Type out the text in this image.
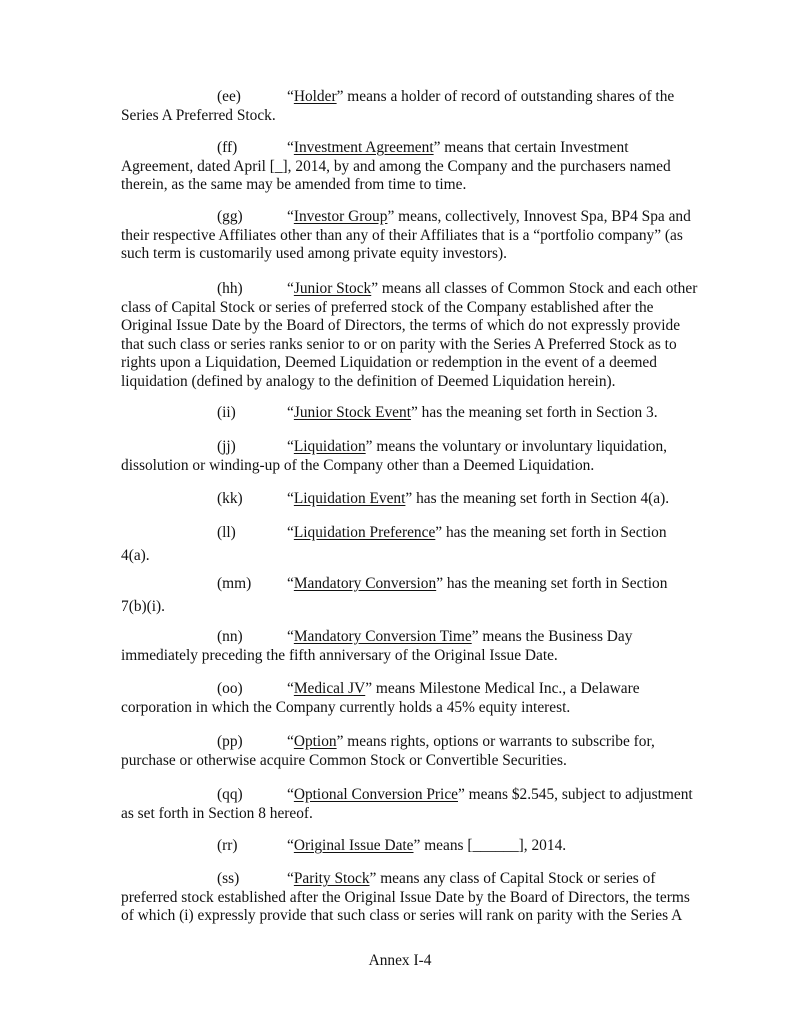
(ee)	“Holder” means a holder of record of outstanding shares of the
Series A Preferred Stock.
(ff)	“Investment Agreement” means that certain Investment
Agreement, dated April [_], 2014, by and among the Company and the purchasers named
therein, as the same may be amended from time to time.
(gg)	“Investor Group” means, collectively, Innovest Spa, BP4 Spa and
their respective Affiliates other than any of their Affiliates that is a “portfolio company” (as
such term is customarily used among private equity investors).
(hh)	“Junior Stock” means all classes of Common Stock and each other
class of Capital Stock or series of preferred stock of the Company established after the
Original Issue Date by the Board of Directors, the terms of which do not expressly provide
that such class or series ranks senior to or on parity with the Series A Preferred Stock as to
rights upon a Liquidation, Deemed Liquidation or redemption in the event of a deemed
liquidation (defined by analogy to the definition of Deemed Liquidation herein).
(ii)	“Junior Stock Event” has the meaning set forth in Section 3.
(jj)	“Liquidation” means the voluntary or involuntary liquidation,
dissolution or winding-up of the Company other than a Deemed Liquidation.
(kk)	“Liquidation Event” has the meaning set forth in Section 4(a).
(ll)	“Liquidation Preference” has the meaning set forth in Section
4(a).
(mm)	“Mandatory Conversion” has the meaning set forth in Section
7(b)(i).
(nn)	“Mandatory Conversion Time” means the Business Day
immediately preceding the fifth anniversary of the Original Issue Date.
(oo)	“Medical JV” means Milestone Medical Inc., a Delaware
corporation in which the Company currently holds a 45% equity interest.
(pp)	“Option” means rights, options or warrants to subscribe for,
purchase or otherwise acquire Common Stock or Convertible Securities.
(qq)	“Optional Conversion Price” means $2.545, subject to adjustment
as set forth in Section 8 hereof.
(rr)	“Original Issue Date” means [______], 2014.
(ss)	“Parity Stock” means any class of Capital Stock or series of
preferred stock established after the Original Issue Date by the Board of Directors, the terms
of which (i) expressly provide that such class or series will rank on parity with the Series A
Annex I-4
